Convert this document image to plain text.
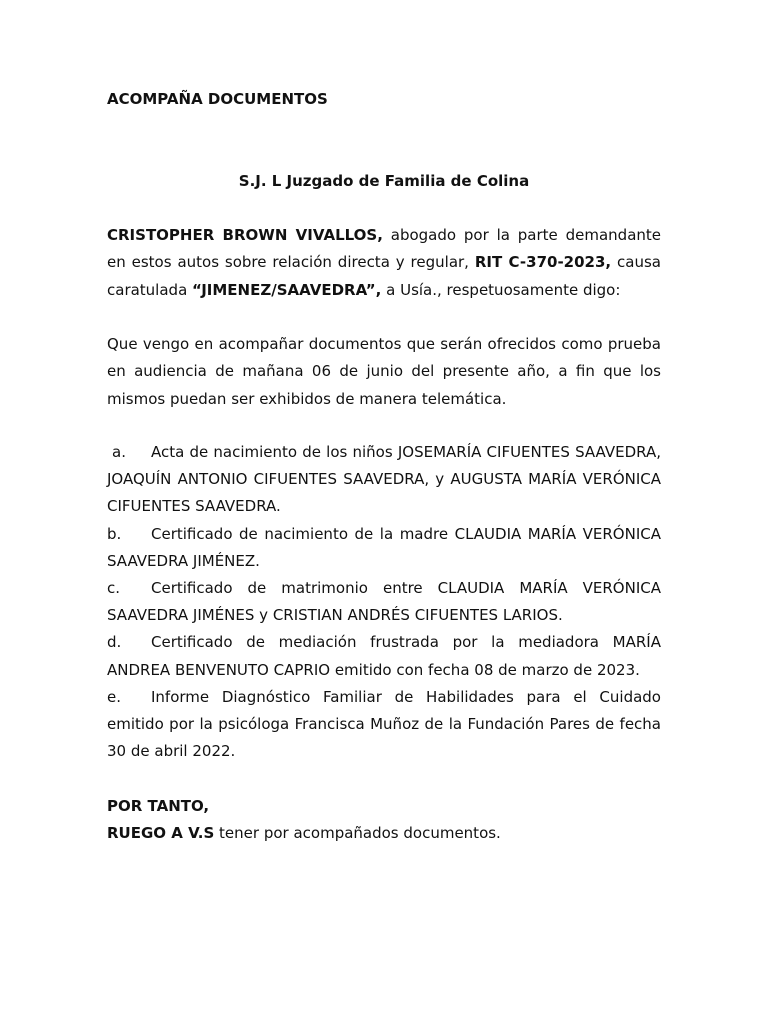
ACOMPAÑA DOCUMENTOS
S.J. L Juzgado de Familia de Colina
CRISTOPHER BROWN VIVALLOS, abogado por la parte demandante en estos autos sobre relación directa y regular, RIT C-370-2023, causa caratulada “JIMENEZ/SAAVEDRA”, a Usía., respetuosamente digo:
Que vengo en acompañar documentos que serán ofrecidos como prueba en audiencia de mañana 06 de junio del presente año, a fin que los mismos puedan ser exhibidos de manera telemática.
a. Acta de nacimiento de los niños JOSEMARÍA CIFUENTES SAAVEDRA, JOAQUÍN ANTONIO CIFUENTES SAAVEDRA, y AUGUSTA MARÍA VERÓNICA CIFUENTES SAAVEDRA.
b. Certificado de nacimiento de la madre CLAUDIA MARÍA VERÓNICA SAAVEDRA JIMÉNEZ.
c. Certificado de matrimonio entre CLAUDIA MARÍA VERÓNICA SAAVEDRA JIMÉNES y CRISTIAN ANDRÉS CIFUENTES LARIOS.
d. Certificado de mediación frustrada por la mediadora MARÍA ANDREA BENVENUTO CAPRIO emitido con fecha 08 de marzo de 2023.
e. Informe Diagnóstico Familiar de Habilidades para el Cuidado emitido por la psicóloga Francisca Muñoz de la Fundación Pares de fecha 30 de abril 2022.
POR TANTO,
RUEGO A V.S tener por acompañados documentos.
